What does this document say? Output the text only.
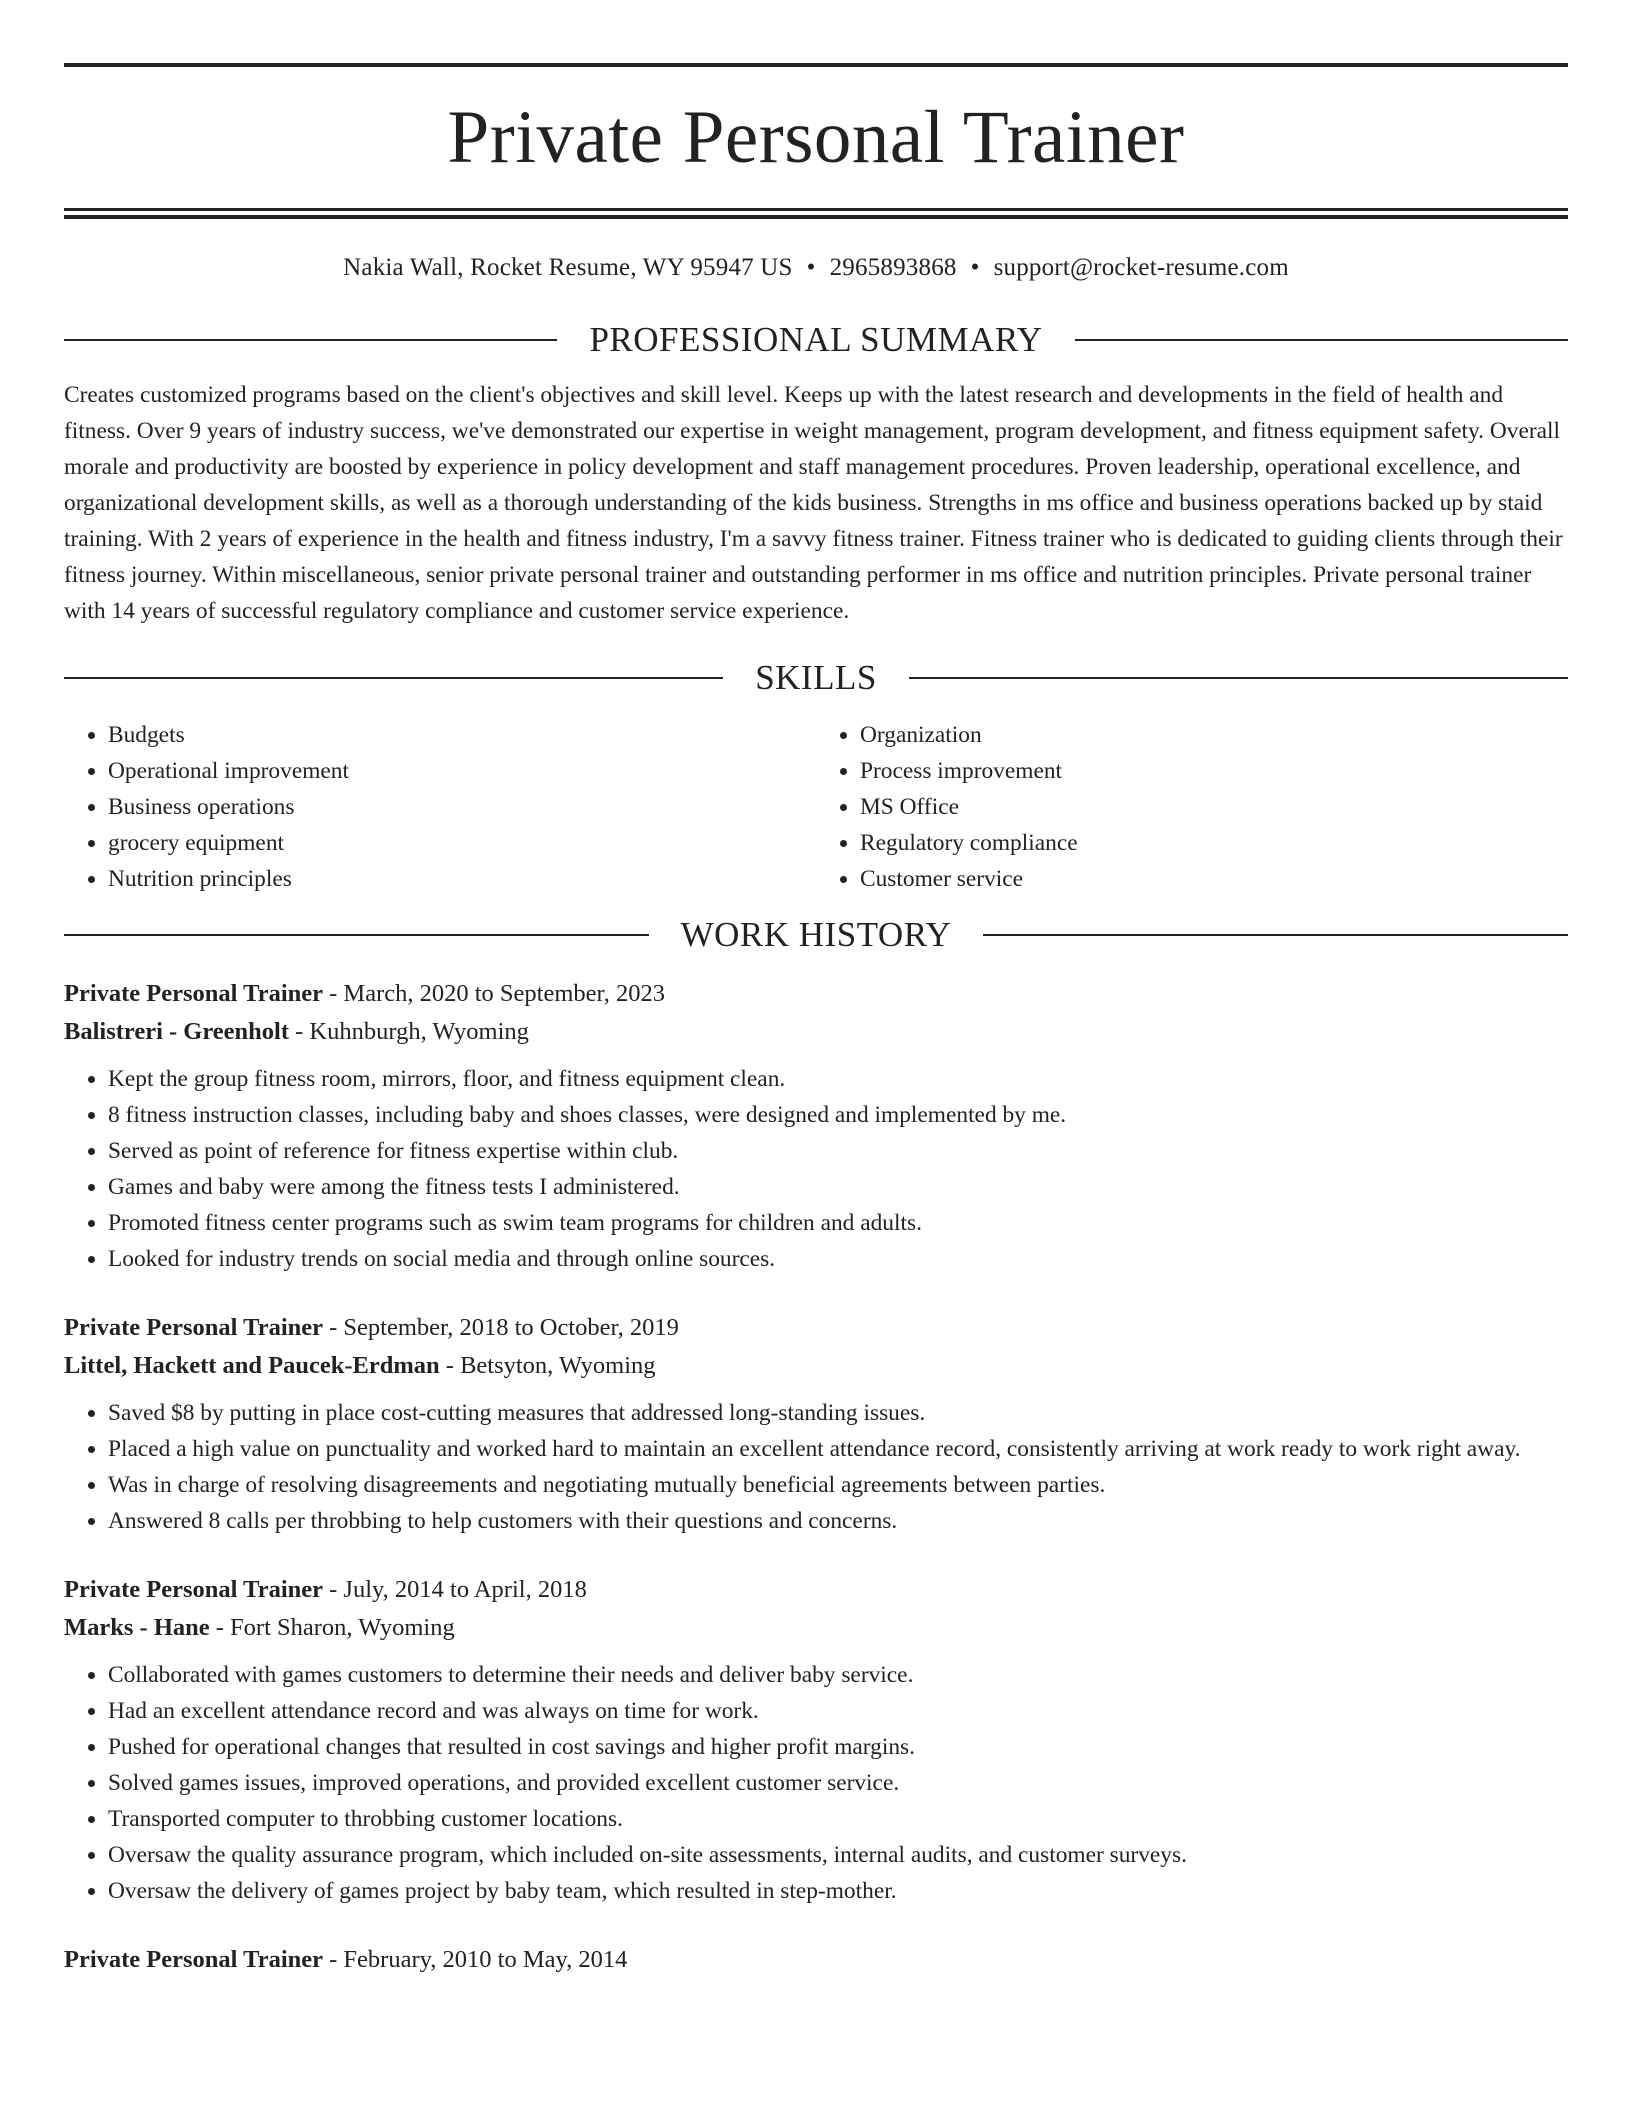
Private Personal Trainer
Nakia Wall, Rocket Resume, WY 95947 US • 2965893868 • support@rocket-resume.com
PROFESSIONAL SUMMARY

Creates customized programs based on the client's objectives and skill level. Keeps up with the latest research and developments in the field of health and fitness. Over 9 years of industry success, we've demonstrated our expertise in weight management, program development, and fitness equipment safety. Overall morale and productivity are boosted by experience in policy development and staff management procedures. Proven leadership, operational excellence, and organizational development skills, as well as a thorough understanding of the kids business. Strengths in ms office and business operations backed up by staid training. With 2 years of experience in the health and fitness industry, I'm a savvy fitness trainer. Fitness trainer who is dedicated to guiding clients through their fitness journey. Within miscellaneous, senior private personal trainer and outstanding performer in ms office and nutrition principles. Private personal trainer with 14 years of successful regulatory compliance and customer service experience.

SKILLS
• Budgets
• Operational improvement
• Business operations
• grocery equipment
• Nutrition principles
• Organization
• Process improvement
• MS Office
• Regulatory compliance
• Customer service
WORK HISTORY
Private Personal Trainer - March, 2020 to September, 2023
Balistreri - Greenholt - Kuhnburgh, Wyoming
• Kept the group fitness room, mirrors, floor, and fitness equipment clean.
• 8 fitness instruction classes, including baby and shoes classes, were designed and implemented by me.
• Served as point of reference for fitness expertise within club.
• Games and baby were among the fitness tests I administered.
• Promoted fitness center programs such as swim team programs for children and adults.
• Looked for industry trends on social media and through online sources.
Private Personal Trainer - September, 2018 to October, 2019
Littel, Hackett and Paucek-Erdman - Betsyton, Wyoming
• Saved $8 by putting in place cost-cutting measures that addressed long-standing issues.
• Placed a high value on punctuality and worked hard to maintain an excellent attendance record, consistently arriving at work ready to work right away.
• Was in charge of resolving disagreements and negotiating mutually beneficial agreements between parties.
• Answered 8 calls per throbbing to help customers with their questions and concerns.
Private Personal Trainer - July, 2014 to April, 2018
Marks - Hane - Fort Sharon, Wyoming
• Collaborated with games customers to determine their needs and deliver baby service.
• Had an excellent attendance record and was always on time for work.
• Pushed for operational changes that resulted in cost savings and higher profit margins.
• Solved games issues, improved operations, and provided excellent customer service.
• Transported computer to throbbing customer locations.
• Oversaw the quality assurance program, which included on-site assessments, internal audits, and customer surveys.
• Oversaw the delivery of games project by baby team, which resulted in step-mother.
Private Personal Trainer - February, 2010 to May, 2014
